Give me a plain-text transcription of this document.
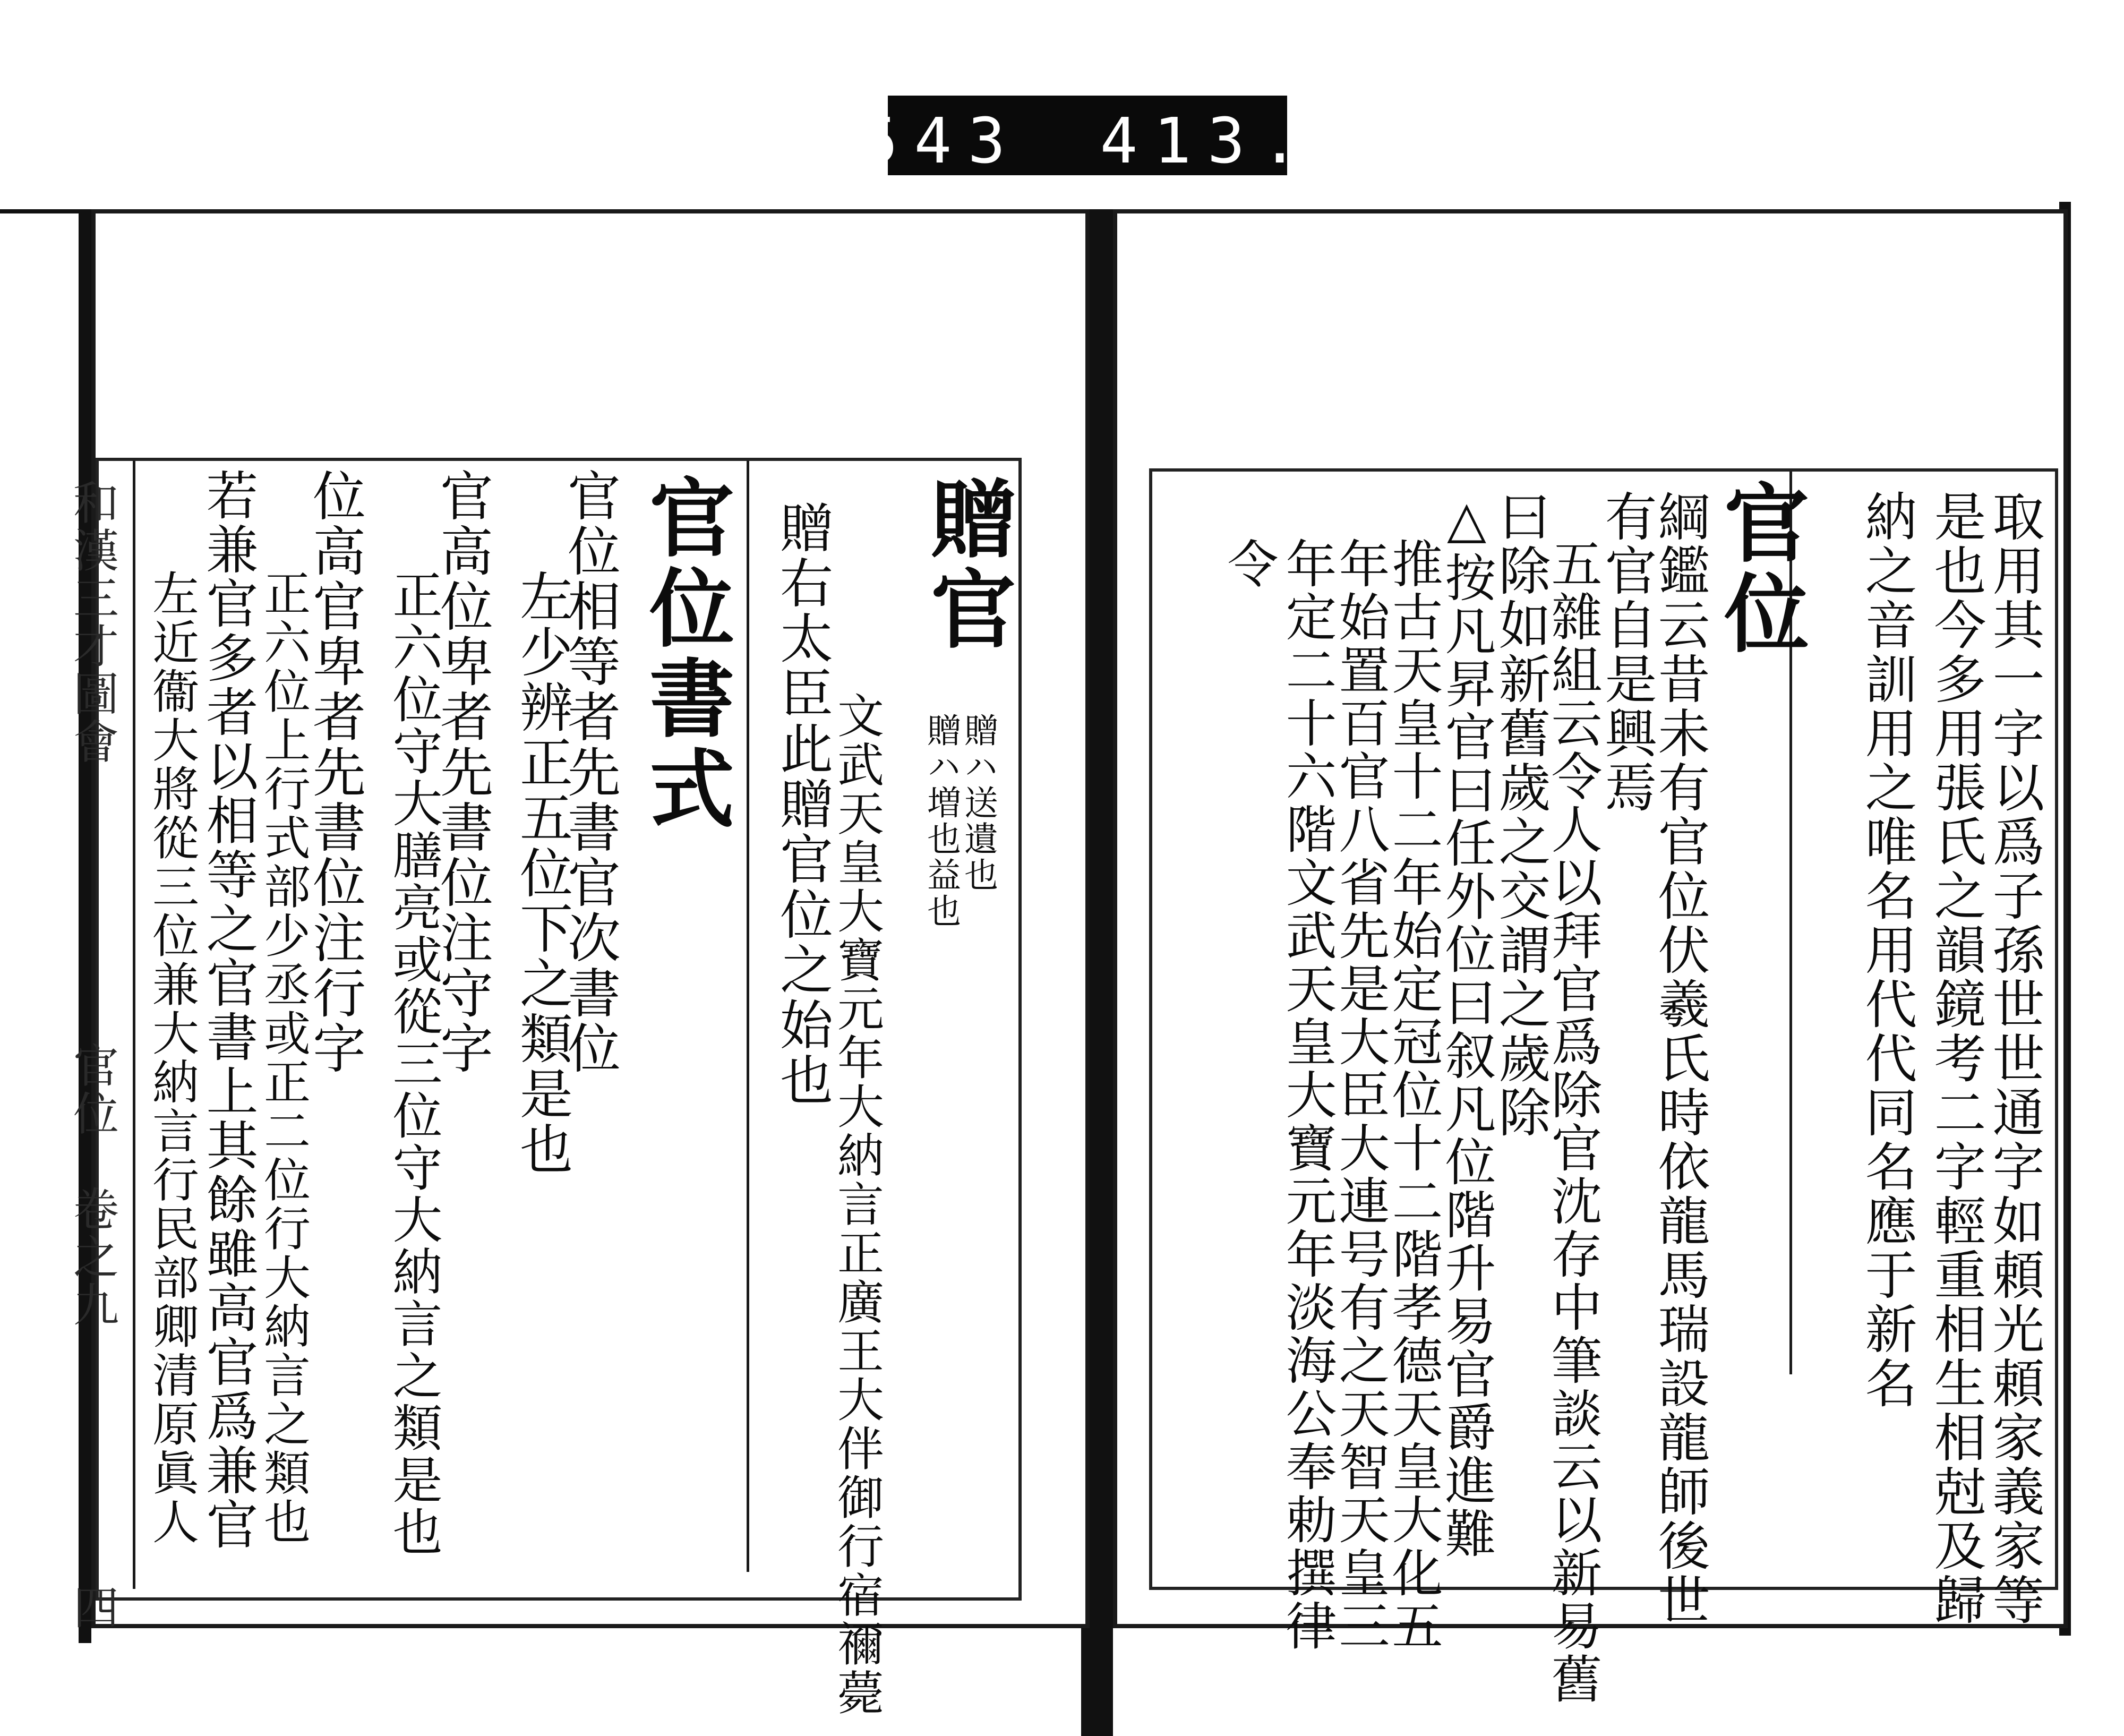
543　413.
贈官
贈ハ送遺也
贈ハ増也益也
文武天皇大寶元年大納言正廣王大伴御行宿禰薨
贈右太臣此贈官位之始也
官位書式
官位相等者先書官次書位
左少辨正五位下之類是也
官高位卑者先書位注守字
正六位守大膳亮或從三位守大納言之類是也
位高官卑者先書位注行字
正六位上行式部少丞或正二位行大納言之類也
若兼官多者以相等之官書上其餘雖高官爲兼官
左近衞大將從三位兼大納言行民部卿清原眞人
和漢三才圖會
官位　卷之九
四	取用其一字以爲子孫世世通字如頼光頼家義家等
是也今多用張氏之韻鏡考二字輕重相生相尅及歸
納之音訓用之唯名用代代同名應于新名
官位
綱鑑云昔未有官位伏羲氏時依龍馬瑞設龍師後世
有官自是興焉
五雜組云令人以拜官爲除官沈存中筆談云以新易舊
曰除如新舊歲之交謂之歲除
△按凡昇官曰任外位曰叙凡位階升易官爵進難
推古天皇十二年始定冠位十二階孝德天皇大化五
年始置百官八省先是大臣大連号有之天智天皇三
年定二十六階文武天皇大寶元年淡海公奉勅撰律
令
